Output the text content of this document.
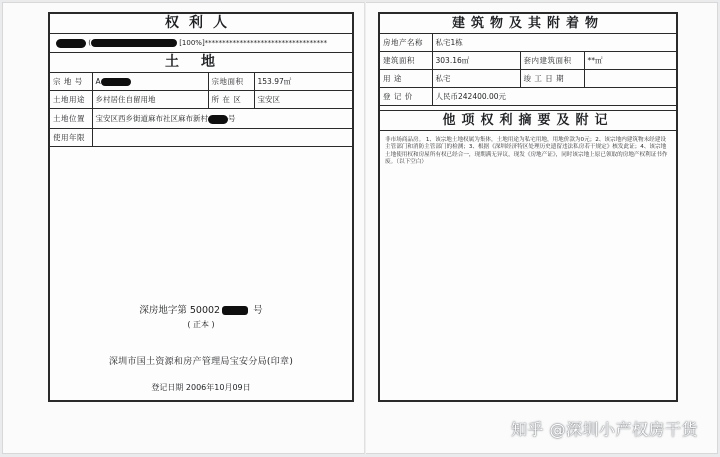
权利人
(	[100%]***********************************
土地
宗 地 号	A	宗地面积	153.97㎡
土地用途	乡村居住自留用地	所 在 区	宝安区
土地位置	宝安区西乡街道麻布社区麻布新村 号		
使用年限			
深房地字第 50002	号
( 正本 )
深圳市国土资源和房产管理局宝安分局(印章)
登记日期 2006年10月09日
建筑物及其附着物
房地产名称	私宅1栋		
建筑面积	303.16㎡	套内建筑面积	**㎡
用 途	私宅	竣 工 日 期	
登 记 价	人民币242400.00元		
他项权利摘要及附记
非市场商品房。 1、该宗地土地权属为集体，土地用途为私宅用地，用地价款为0元；2、该宗地内建筑物未经建设主管部门和消防主管部门的检测；3、根据《深圳经济特区处理历史遗留违法私房若干规定》核发此证；4、该宗地土地使用权和房屋所有权已经合一，现期满无异议，现发《房地产证》，同时该宗地上原已领取的房地产权利证书作废。（以下空白）
知乎 @深圳小产权房干货
